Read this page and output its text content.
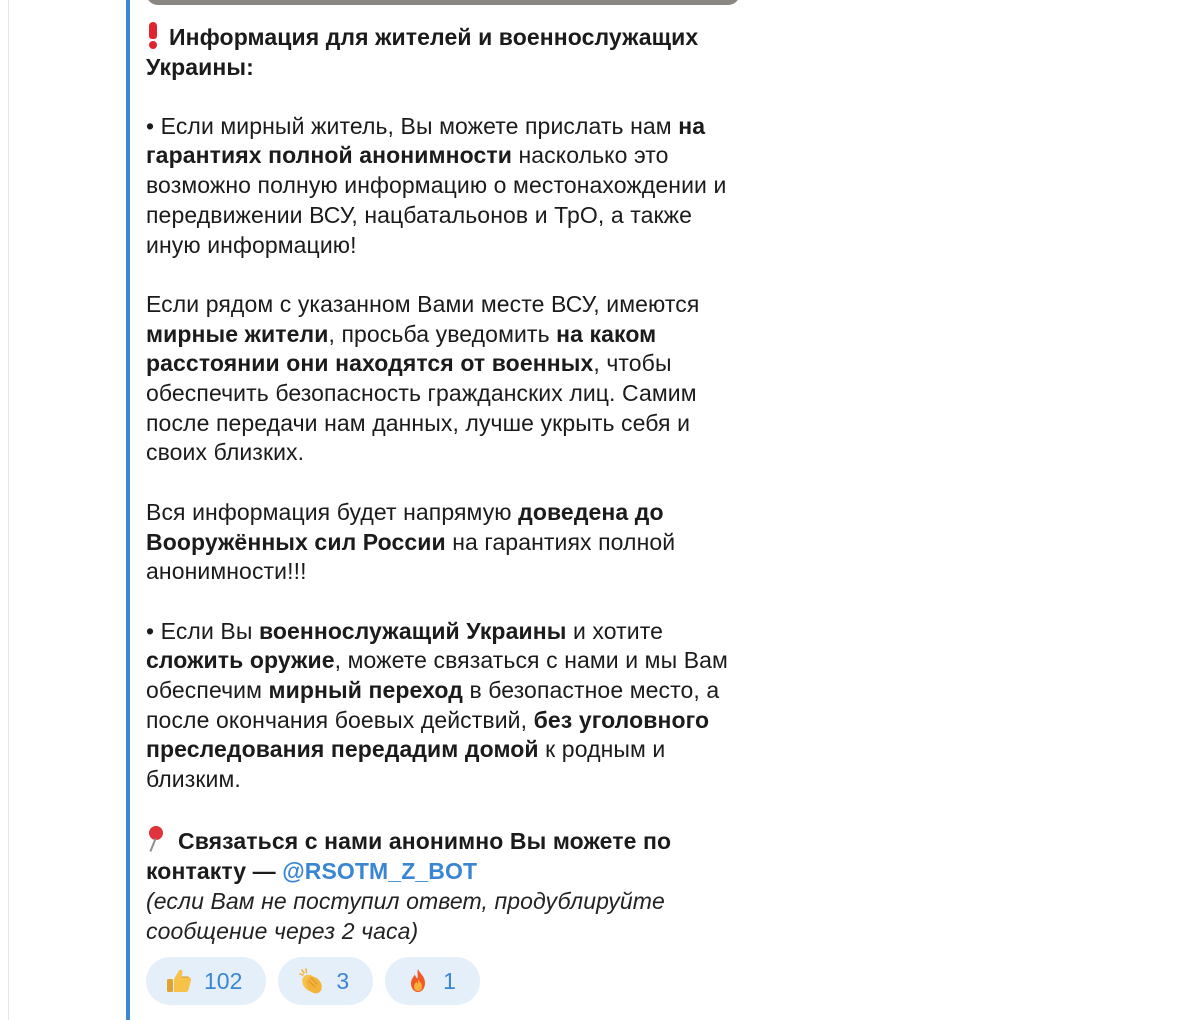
Информация для жителей и военнослужащих Украины:

• Если мирный житель, Вы можете прислать нам на гарантиях полной анонимности насколько это возможно полную информацию о местонахождении и передвижении ВСУ, нацбатальонов и ТрО, а также иную информацию!

Если рядом с указанном Вами месте ВСУ, имеются мирные жители, просьба уведомить на каком расстоянии они находятся от военных, чтобы обеспечить безопасность гражданских лиц. Самим после передачи нам данных, лучше укрыть себя и своих близких.

Вся информация будет напрямую доведена до Вооружённых сил России на гарантиях полной анонимности!!!

• Если Вы военнослужащий Украины и хотите сложить оружие, можете связаться с нами и мы Вам обеспечим мирный переход в безопастное место, а после окончания боевых действий, без уголовного преследования передадим домой к родным и близким.

Связаться с нами анонимно Вы можете по контакту — @RSOTM_Z_BOT

(если Вам не поступил ответ, продублируйте сообщение через 2 часа)

102	3	1
